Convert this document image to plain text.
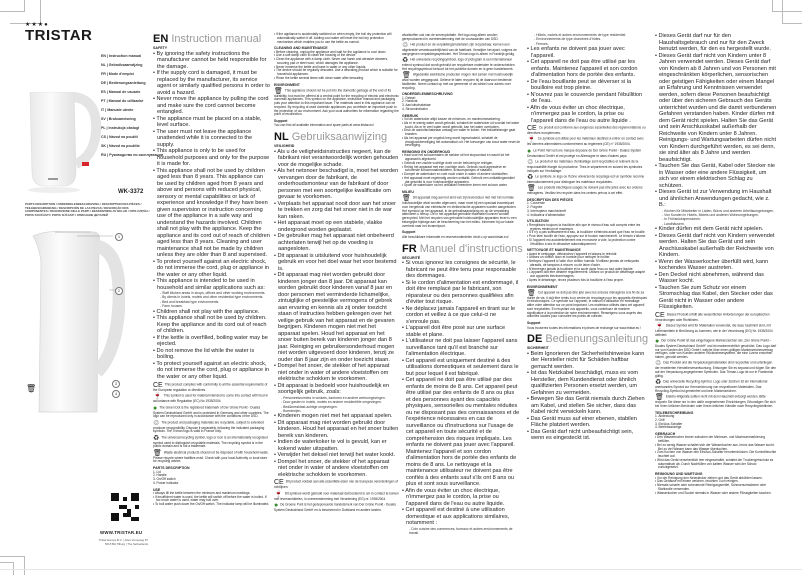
★★★●
TRISTAR
EN | Instruction manual
NL | Gebruiksaanwijzing
FR | Mode d'emploi
DE | Bedienungsanleitung
ES | Manual de usuario
PT | Manual do utilizador
IT | Manuale utente
SV | Bruksanvisning
PL | Instrukcja obsługi
CS | Návod na použití
SK | Návod na použitie
RU | Руководство по эксплуатации
WK-3372
PARTS DESCRIPTION / ONDERDELENBESCHRIJVING / DESCRIPTION DES PIÈCES / TEILEBESCHREIBUNG / DESCRIPCIÓN DE LAS PIEZAS / DESCRIÇÃO DOS COMPONENTES / DESCRIZIONE DELLE PARTI / BESKRIVNING AV DELAR / OPIS CZĘŚCI / POPIS SOUČÁSTÍ / POPIS SÚČASTÍ / ОПИСАНИЕ ДЕТАЛЕЙ
1
2
3
4
🗑
WWW.TRISTAR.EU
Tristar Europe B.V. | Jules Verneweg 87
5015 BH Tilburg | The Netherlands
EN Instruction manual
SAFETY
• By ignoring the safety instructions the manufacturer cannot be held responsible for the damage.
• If the supply cord is damaged, it must be replaced by the manufacturer, its service agent or similarly qualified persons in order to avoid a hazard.
• Never move the appliance by pulling the cord and make sure the cord cannot become entangled.
• The appliance must be placed on a stable, level surface.
• The user must not leave the appliance unattended while it is connected to the supply.
• This appliance is only to be used for household purposes and only for the purpose it is made for.
• This appliance shall not be used by children aged less than 8 years. This appliance can be used by children aged from 8 years and above and persons with reduced physical, sensory or mental capabilities or lack of experience and knowledge if they have been given supervision or instruction concerning use of the appliance in a safe way and understand the hazards involved. Children shall not play with the appliance. Keep the appliance and its cord out of reach of children aged less than 8 years. Cleaning and user maintenance shall not be made by children unless they are older than 8 and supervised.
• To protect yourself against an electric shock, do not immerse the cord, plug or appliance in the water or any other liquid.
• This appliance is intended to be used in household and similar applications such as:
- Staff kitchen areas in shops, offices and other working environments.
- By clients in hotels, motels and other residential type environments.
- Bed and breakfast type environments.
- Farm houses.
• Children shall not play with the appliance.
• This appliance shall not be used by children. Keep the appliance and its cord out of reach of children.
• If the kettle is overfilled, boiling water may be ejected.
• Do not remove the lid while the water is boiling.
• To protect yourself against an electric shock, do not immerse the cord, plug or appliance in the water or any other liquid.
CE This product complies with conformity to all the essential requirements of the European regulation or directives.
🍷 This symbol is used for material intended to come into contact with food in accordance with Regulation (EC) No 1935/2004.
● The Green Dot is the registered trademark of Der Grüne Punkt - Duales System Deutschland GmbH and is protected in Germany and other countries. The logo can be reproduced only in accordance with the conditions of the DSD.
♲ The product and packaging materials are recyclable, subject to extended producer responsibility. Dispose it separately, following the indicated packaging symbols. The Triman logo is valid in France only.
♻ The universal recycling symbol, logo or icon is an internationally recognised symbol used to distinguish recyclable materials. The recycling symbol is in the public domain and is not a trademark.
🗑 Waste electrical products should not be disposed of with household waste. Please recycle where facilities exist. Check with your local Authority or local store for recycling advice.
PARTS DESCRIPTION
1. Lid
2. Handle
3. On/Off switch
4. Power indicator
USE
• Always fill the kettle between the minimum and maximum markings.
• If insufficient water is used, the kettle will switch off before the water is boiled. If too much water is used, water may boil over.
• To boil water push down the On/Off switch. The indicator lamp will be illuminated.
• If the appliance is accidentally switched on when empty, the boil dry protection will automatically switch it off. Adding cool water will reset the boil dry protection mechanism which enables you to use the kettle as normal.
CLEANING AND MAINTENANCE
• Before cleaning, unplug the appliance and wait for the appliance to cool down.
• Use a soft damp cloth to clean the housing of the device.
• Clean the appliance with a damp cloth. Never use harsh and abrasive cleaners, scouring pad or steel wool, which damages the appliance.
• Never immerse the kettle and base in water or any other liquids.
• The device should be regularly descaled. Use a descaling product which is suitable for household appliances.
• Rinse the kettle several times with clean water after descaling.
ENVIRONMENT
🗑 This appliance should not be put into the domestic garbage at the end of its durability, but must be offered at a central point for the recycling of electric and electronic domestic appliances. This symbol on the appliance, instruction manual and packaging puts your attention to this important issue. The materials used in this appliance can be recycled. By recycling of used domestic appliances you contribute an important push to the protection of our environment. Ask your local authorities for information regarding the point of recollection.
Support
You can find all available information and spare parts at www.tristar.eu!
NL Gebruiksaanwijzing
VEILIGHEID
• Als u de veiligheidsinstructies negeert, kan de fabrikant niet verantwoordelijk worden gehouden voor de mogelijke schade.
• Als het netsnoer beschadigd is, moet het worden vervangen door de fabrikant, de onderhoudsmonteur van de fabrikant of door personen met een soortgelijke kwalificatie om gevaar te voorkomen.
• Verplaats het apparaat nooit door aan het snoer te trekken en zorg dat het snoer niet in de war kan raken.
• Het apparaat moet op een stabiele, vlakke ondergrond worden geplaatst.
• De gebruiker mag het apparaat niet onbeheerd achterlaten terwijl het op de voeding is aangesloten.
• Dit apparaat is uitsluitend voor huishoudelijk gebruik en voor het doel waar het voor bestemd is.
• Dit apparaat mag niet worden gebruikt door kinderen jonger dan 8 jaar. Dit apparaat kan worden gebruikt door kinderen vanaf 8 jaar en door personen met verminderde lichamelijke, zintuiglijke of geestelijke vermogens of gebrek aan ervaring en kennis als zij onder toezicht staan of instructies hebben gekregen over het veilige gebruik van het apparaat en de gevaren begrijpen. Kinderen mogen niet met het apparaat spelen. Houd het apparaat en het snoer buiten bereik van kinderen jonger dan 8 jaar. Reiniging en gebruikersonderhoud mogen niet worden uitgevoerd door kinderen, tenzij ze ouder dan 8 jaar zijn en onder toezicht staan.
• Dompel het snoer, de stekker of het apparaat niet onder in water of andere vloeistoffen om elektrische schokken te voorkomen.
• Dit apparaat is bedoeld voor huishoudelijk en soortgelijk gebruik, zoals:
- Personeelsruimtes in winkels, kantoren en andere werkomgevingen.
- Door gasten in hotels, motels en andere residentiële omgevingen.
- Bed&breakfast-achtige omgevingen.
- Boerderijen.
• Kinderen mogen niet met het apparaat spelen.
• Dit apparaat mag niet worden gebruikt door kinderen. Houd het apparaat en het snoer buiten bereik van kinderen.
• Indien de waterkoker te vol is gevuld, kan er kokend water uitspatten.
• Verwijder het deksel niet terwijl het water kookt.
• Dompel het snoer, de stekker of het apparaat niet onder in water of andere vloeistoffen om elektrische schokken te voorkomen.
CE Dit product voldoet aan alle essentiële eisen van de Europese verordeningen of richtlijnen.
🍷 Dit symbool wordt gebruikt voor materiaal dat bestemd is om in contact te komen met levensmiddelen, in overeenstemming met Verordening (EG) nr. 1935/2004.
● De Groene Punt is het gedeponeerde handelsmerk van Der Grüne Punkt - Duales System Deutschland GmbH en is beschermd in Duitsland en andere landen.
afvalstoffen ook van de servexploitatie. Het logo mag alleen worden gereproduceerd in overeenstemming met de voorwaarden van DSD.
♲ Het product en de verpakkingsmaterialen zijn recyclebaar, kennen een uitgebreide verantwoordelijkheid van de fabrikant. Verwijder het apart, volgens de aangegeven verpakkingssymbolen. Het Triman-logo is alleen in Frankrijk geldig.
♻ Het universele recyclingsymbool, logo of pictogram is een internationaal erkend symbool dat wordt gebruikt om recyclebare materialen te onderscheiden. Het recyclingsymbool behoort tot het publieke domein en is geen handelsmerk.
🗑 Afgedankte elektrische producten mogen niet samen met huishoudelijk afval worden weggegooid. Gelieve te laten recyclen bij de daarvoor bestemde faciliteiten. Neem contact op met uw gemeente of uw winkel voor advies over recycling.
ONDERDELENBESCHRIJVING
1. Deksel
2. Handvat
3. Aan/uitschakelaar
4. Stroomindicator
GEBRUIK
• Vul de waterkoker altijd tussen de minimum- en maximummarkering.
• Als er te weinig water wordt gebruikt, schakelt de waterkoker uit voordat het water kookt. Als er te veel water wordt gebruikt, kan het water overkoken.
• Druk de aan/uitschakelaar omlaag om water te koken. Het indicatielampje gaat branden.
• Als het apparaat per ongeluk leeg wordt ingeschakeld, schakelt de droogkookbeveiliging het automatisch uit. Het toevoegen van koud water reset de beveiliging.
REINIGING EN ONDERHOUD
• Haal voor het schoonmaken de stekker uit het stopcontact en wacht tot het apparaat is afgekoeld.
• Gebruik een zachte vochtige doek om de behuizing te reinigen.
• Reinig het apparaat met een vochtige doek. Gebruik nooit agressieve en schurende schoonmaakmiddelen, schuursponsjes of staalwol.
• Dompel de waterkoker en voet nooit onder in water of andere vloeistoffen.
• Het apparaat moet regelmatig worden ontkalkt. Gebruik een ontkalkingsmiddel dat geschikt is voor huishoudelijke apparaten.
• Spoel de waterkoker na het ontkalken meerdere keren met schoon water.
MILIEU
🗑 Dit apparaat mag aan het eind van zijn levensduur niet met het normale huishoudelijke afval worden afgevoerd, maar moet bij een speciaal inzamelpunt voor hergebruik van elektrische en elektronische apparaten worden aangeboden. Het symbool op het apparaat, in de gebruiksaanwijzing en op de verpakking attendeert u hierop. De in het apparaat gebruikte materialen kunnen worden gerecycled. Met het recyclen van gebruikte huishoudelijke apparaten levert u een belangrijke bijdrage aan de bescherming van het milieu. Informeer bij uw lokale overheid naar het inzamelpunt.
Support
Alle beschikbare informatie en reserveonderdelen vindt u op www.tristar.eu!
FR Manuel d'instructions
SÉCURITÉ
• Si vous ignorez les consignes de sécurité, le fabricant ne peut être tenu pour responsable des dommages.
• Si le cordon d'alimentation est endommagé, il doit être remplacé par le fabricant, son réparateur ou des personnes qualifiées afin d'éviter tout risque.
• Ne déplacez jamais l'appareil en tirant sur le cordon et veillez à ce que celui-ci ne s'enroule pas.
• L'appareil doit être posé sur une surface stable et plane.
• L'utilisateur ne doit pas laisser l'appareil sans surveillance tant qu'il est branché sur l'alimentation électrique.
• Cet appareil est uniquement destiné à des utilisations domestiques et seulement dans le but pour lequel il est fabriqué.
• Cet appareil ne doit pas être utilisé par des enfants de moins de 8 ans. Cet appareil peut être utilisé par des enfants de 8 ans ou plus et des personnes ayant des capacités physiques, sensorielles ou mentales réduites ou ne disposant pas des connaissances et de l'expérience nécessaires en cas de surveillance ou d'instructions sur l'usage de cet appareil en toute sécurité et de compréhension des risques impliqués. Les enfants ne doivent pas jouer avec l'appareil. Maintenez l'appareil et son cordon d'alimentation hors de portée des enfants de moins de 8 ans. Le nettoyage et la maintenance utilisateur ne doivent pas être confiés à des enfants sauf s'ils ont 8 ans ou plus et sont sous surveillance.
• Afin de vous éviter un choc électrique, n'immergez pas le cordon, la prise ou l'appareil dans de l'eau ou autre liquide.
• Cet appareil est destiné à une utilisation domestique et aux applications similaires, notamment :
- Coin cuisine des commerces, bureaux et autres environnements de travail.
- Hôtels, motels et autres environnements de type résidentiel.
- Environnements de type chambres d'hôtes.
- Fermes.
• Les enfants ne doivent pas jouer avec l'appareil.
• Cet appareil ne doit pas être utilisé par les enfants. Maintenez l'appareil et son cordon d'alimentation hors de portée des enfants.
• De l'eau bouillante peut se déverser si la bouilloire est trop pleine.
• N'ouvrez pas le couvercle pendant l'ébullition de l'eau.
• Afin de vous éviter un choc électrique, n'immergez pas le cordon, la prise ou l'appareil dans de l'eau ou autre liquide .
CE Ce produit est conforme aux exigences essentielles des réglementations ou directives européennes.
🍷 Ce symbole est utilisé pour les matériaux destinés à entrer en contact avec les denrées alimentaires conformément au règlement (CE) n° 1935/2004.
● Le Point Vert est une marque déposée de Der Grüne Punkt - Duales System Deutschland GmbH et est protégé en Allemagne et dans d'autres pays.
♲ Le produit et les matériaux d'emballage sont recyclables et relèvent de la responsabilité élargie du producteur. Triez-le séparément en suivant les symboles indiqués sur l'emballage.
♻ Le symbole, le logo ou l'icône universel de recyclage est un symbole reconnu internationalement pour distinguer les matériaux recyclables.
🗑 Les produits électriques usagés ne doivent pas être jetés avec les ordures ménagères. Veuillez les recycler dans les centres prévus à cet effet.
DESCRIPTION DES PIÈCES
1. Couvercle
2. Poignée
3. Interrupteur marche/arrêt
4. Indicateur d'alimentation
UTILISATION
• Remplissez toujours la bouilloire afin que le niveau d'eau soit compris entre les repères minimum et maximum.
• S'il n'y a pas suffisamment d'eau, la bouilloire s'éteindra avant que l'eau ne bouille.
• Pour faire bouillir de l'eau, appuyez sur le bouton marche/arrêt. Le témoin s'allume.
• Si l'appareil est accidentellement mis en marche à vide, la protection contre l'ébullition à sec le désactive automatiquement.
NETTOYAGE ET MAINTENANCE
• Avant le nettoyage, débranchez l'appareil et laissez-le refroidir.
• Utilisez un chiffon doux et humide pour nettoyer le boîtier.
• Nettoyez l'appareil à l'aide d'un chiffon humide. N'utilisez jamais de nettoyants abrasifs, de tampons à récurer ou de laine d'acier.
• N'immergez jamais la bouilloire et la socle dans l'eau ou tout autre liquide.
• L'appareil doit être détartré régulièrement. Utilisez un produit de détartrage adapté aux appareils électroménagers.
• Après le détartrage, rincez plusieurs fois la bouilloire à l'eau propre.
ENVIRONNEMENT
🗑 Cet appareil ne doit pas être jeté avec les ordures ménagères à la fin de sa durée de vie, il doit être remis à un centre de recyclage pour les appareils électriques et électroniques. Ce symbole sur l'appareil, le manuel d'utilisation et l'emballage attire votre attention sur ce point important. Les matériaux utilisés dans cet appareil sont recyclables. En recyclant vos appareils, vous contribuez de manière significative à la protection de notre environnement. Renseignez-vous auprès des autorités locales pour connaître les points de collecte.
Support
Vous trouverez toutes les informations et pièces de rechange sur www.tristar.eu !
DE Bedienungsanleitung
SICHERHEIT
• Beim Ignorieren der Sicherheitshinweise kann der Hersteller nicht für Schäden haftbar gemacht werden.
• Ist das Netzkabel beschädigt, muss es vom Hersteller, dem Kundendienst oder ähnlich qualifizierten Personen ersetzt werden, um Gefahren zu vermeiden.
• Bewegen Sie das Gerät niemals durch Ziehen am Kabel, und stellen Sie sicher, dass das Kabel nicht verwickeln kann.
• Das Gerät muss auf einer ebenen, stabilen Fläche platziert werden.
• Das Gerät darf nicht unbeaufsichtigt sein, wenn es eingesteckt ist.
• Dieses Gerät darf nur für den Haushaltsgebrauch und nur für den Zweck benutzt werden, für den es hergestellt wurde.
• Dieses Gerät darf nicht von Kindern unter 8 Jahren verwendet werden. Dieses Gerät darf von Kindern ab 8 Jahren und von Personen mit eingeschränkten körperlichen, sensorischen oder geistigen Fähigkeiten oder einem Mangel an Erfahrung und Kenntnissen verwendet werden, sofern diese Personen beaufsichtigt oder über den sicheren Gebrauch des Geräts unterrichtet wurden und die damit verbundenen Gefahren verstanden haben. Kinder dürfen mit dem Gerät nicht spielen. Halten Sie das Gerät und sein Anschlusskabel außerhalb der Reichweite von Kindern unter 8 Jahren. Reinigungs- und Wartungsarbeiten dürfen nicht von Kindern durchgeführt werden, es sei denn, sie sind älter als 8 Jahre und werden beaufsichtigt.
• Tauchen Sie das Gerät, Kabel oder Stecker nie in Wasser oder eine andere Flüssigkeit, um sich vor einem elektrischen Schlag zu schützen.
• Dieses Gerät ist zur Verwendung im Haushalt und ähnlichen Anwendungen gedacht, wie z. B.:
- Küchen für Mitarbeiter in Läden, Büros und anderen Arbeitsumgebungen.
- Von Kunden in Hotels, Motels und anderen Wohnumgebungen.
- In Frühstückspensionen.
- Landhäusern.
• Kinder dürfen mit dem Gerät nicht spielen.
• Dieses Gerät darf nicht von Kindern verwendet werden. Halten Sie das Gerät und sein Anschlusskabel außerhalb der Reichweite von Kindern.
• Wenn der Wasserkocher überfüllt wird, kann kochendes Wasser austreten.
• Den Deckel nicht abnehmen, während das Wasser kocht.
• Tauchen Sie zum Schutz vor einem Stromschlag das Kabel, den Stecker oder das Gerät nicht in Wasser oder andere Flüssigkeiten.
CE Dieses Produkt erfüllt alle wesentlichen Anforderungen der europäischen Verordnungen oder Richtlinien.
🍷 Dieses Symbol wird für Materialien verwendet, die dazu bestimmt sind, mit Lebensmitteln in Berührung zu kommen, wie in der Verordnung (EG) Nr. 1935/2004 definiert.
● Der Grüne Punkt ist das eingetragene Markenzeichen der „Der Grüne Punkt – Duales System Deutschland GmbH“ und ist markenrechtlich geschützt. Das Logo darf nur von Kunden der DSD GmbH, welche über einen gültigen Markenzeichenvertrag verfügen, oder von Kunden anderer Rücknahmesysteme, die eine Lizenz erworben haben, genutzt werden.
♲ Das Produkt und die Verpackungsmaterialien sind recycelbar und unterliegen der erweiterten Herstellerverantwortung. Entsorgen Sie es separat und folgen Sie den auf der Verpackung angegebenen Symbolen. Das Triman-Logo ist nur in Frankreich gültig.
♻ Das universelle Recycling-Symbol, Logo oder Zeichen ist ein international anerkanntes Symbol zur Kennzeichnung von recycelbaren Materialien. Das Recycling-Symbol ist gemeinfrei und kein Markenzeichen.
🗑 Elektro-Altgeräte sollten nicht mit dem Hausmüll entsorgt werden. Bitte recyceln Sie diese nur in den dafür vorgesehenen Einrichtungen. Erkundigen Sie sich bei Ihren örtlichen Behörden oder Ihrem örtlichen Händler nach Recyclingrichtlinien.
TEILEBESCHREIBUNG
1. Abdeckung
2. Griff
3. Ein/Aus-Schalter
4. Betriebsanzeige
GEBRAUCH
• Den Wasserkocher immer zwischen der Minimum- und Maximummarkierung befüllen.
• Bei zu wenig Wasser schaltet sich der Wasserkocher aus, bevor das Wasser kocht. Bei zu viel Wasser kann das Wasser überkochen.
• Zum Kochen von Wasser den Ein/Aus-Schalter herunterdrücken. Die Kontrollleuchte leuchtet auf.
• Wird das Gerät versehentlich leer eingeschaltet, schaltet der Trockengehschutz es automatisch ab. Durch Nachfüllen von kaltem Wasser wird der Schutz zurückgesetzt.
REINIGUNG UND WARTUNG
• Vor der Reinigung den Netzstecker ziehen und das Gerät abkühlen lassen.
• Das Gehäuse mit einem weichen, feuchten Tuch reinigen.
• Niemals scharfe oder scheuernde Reinigungsmittel, Scheuerschwämme oder Stahlwolle verwenden.
• Wasserkocher und Sockel niemals in Wasser oder andere Flüssigkeiten tauchen.
